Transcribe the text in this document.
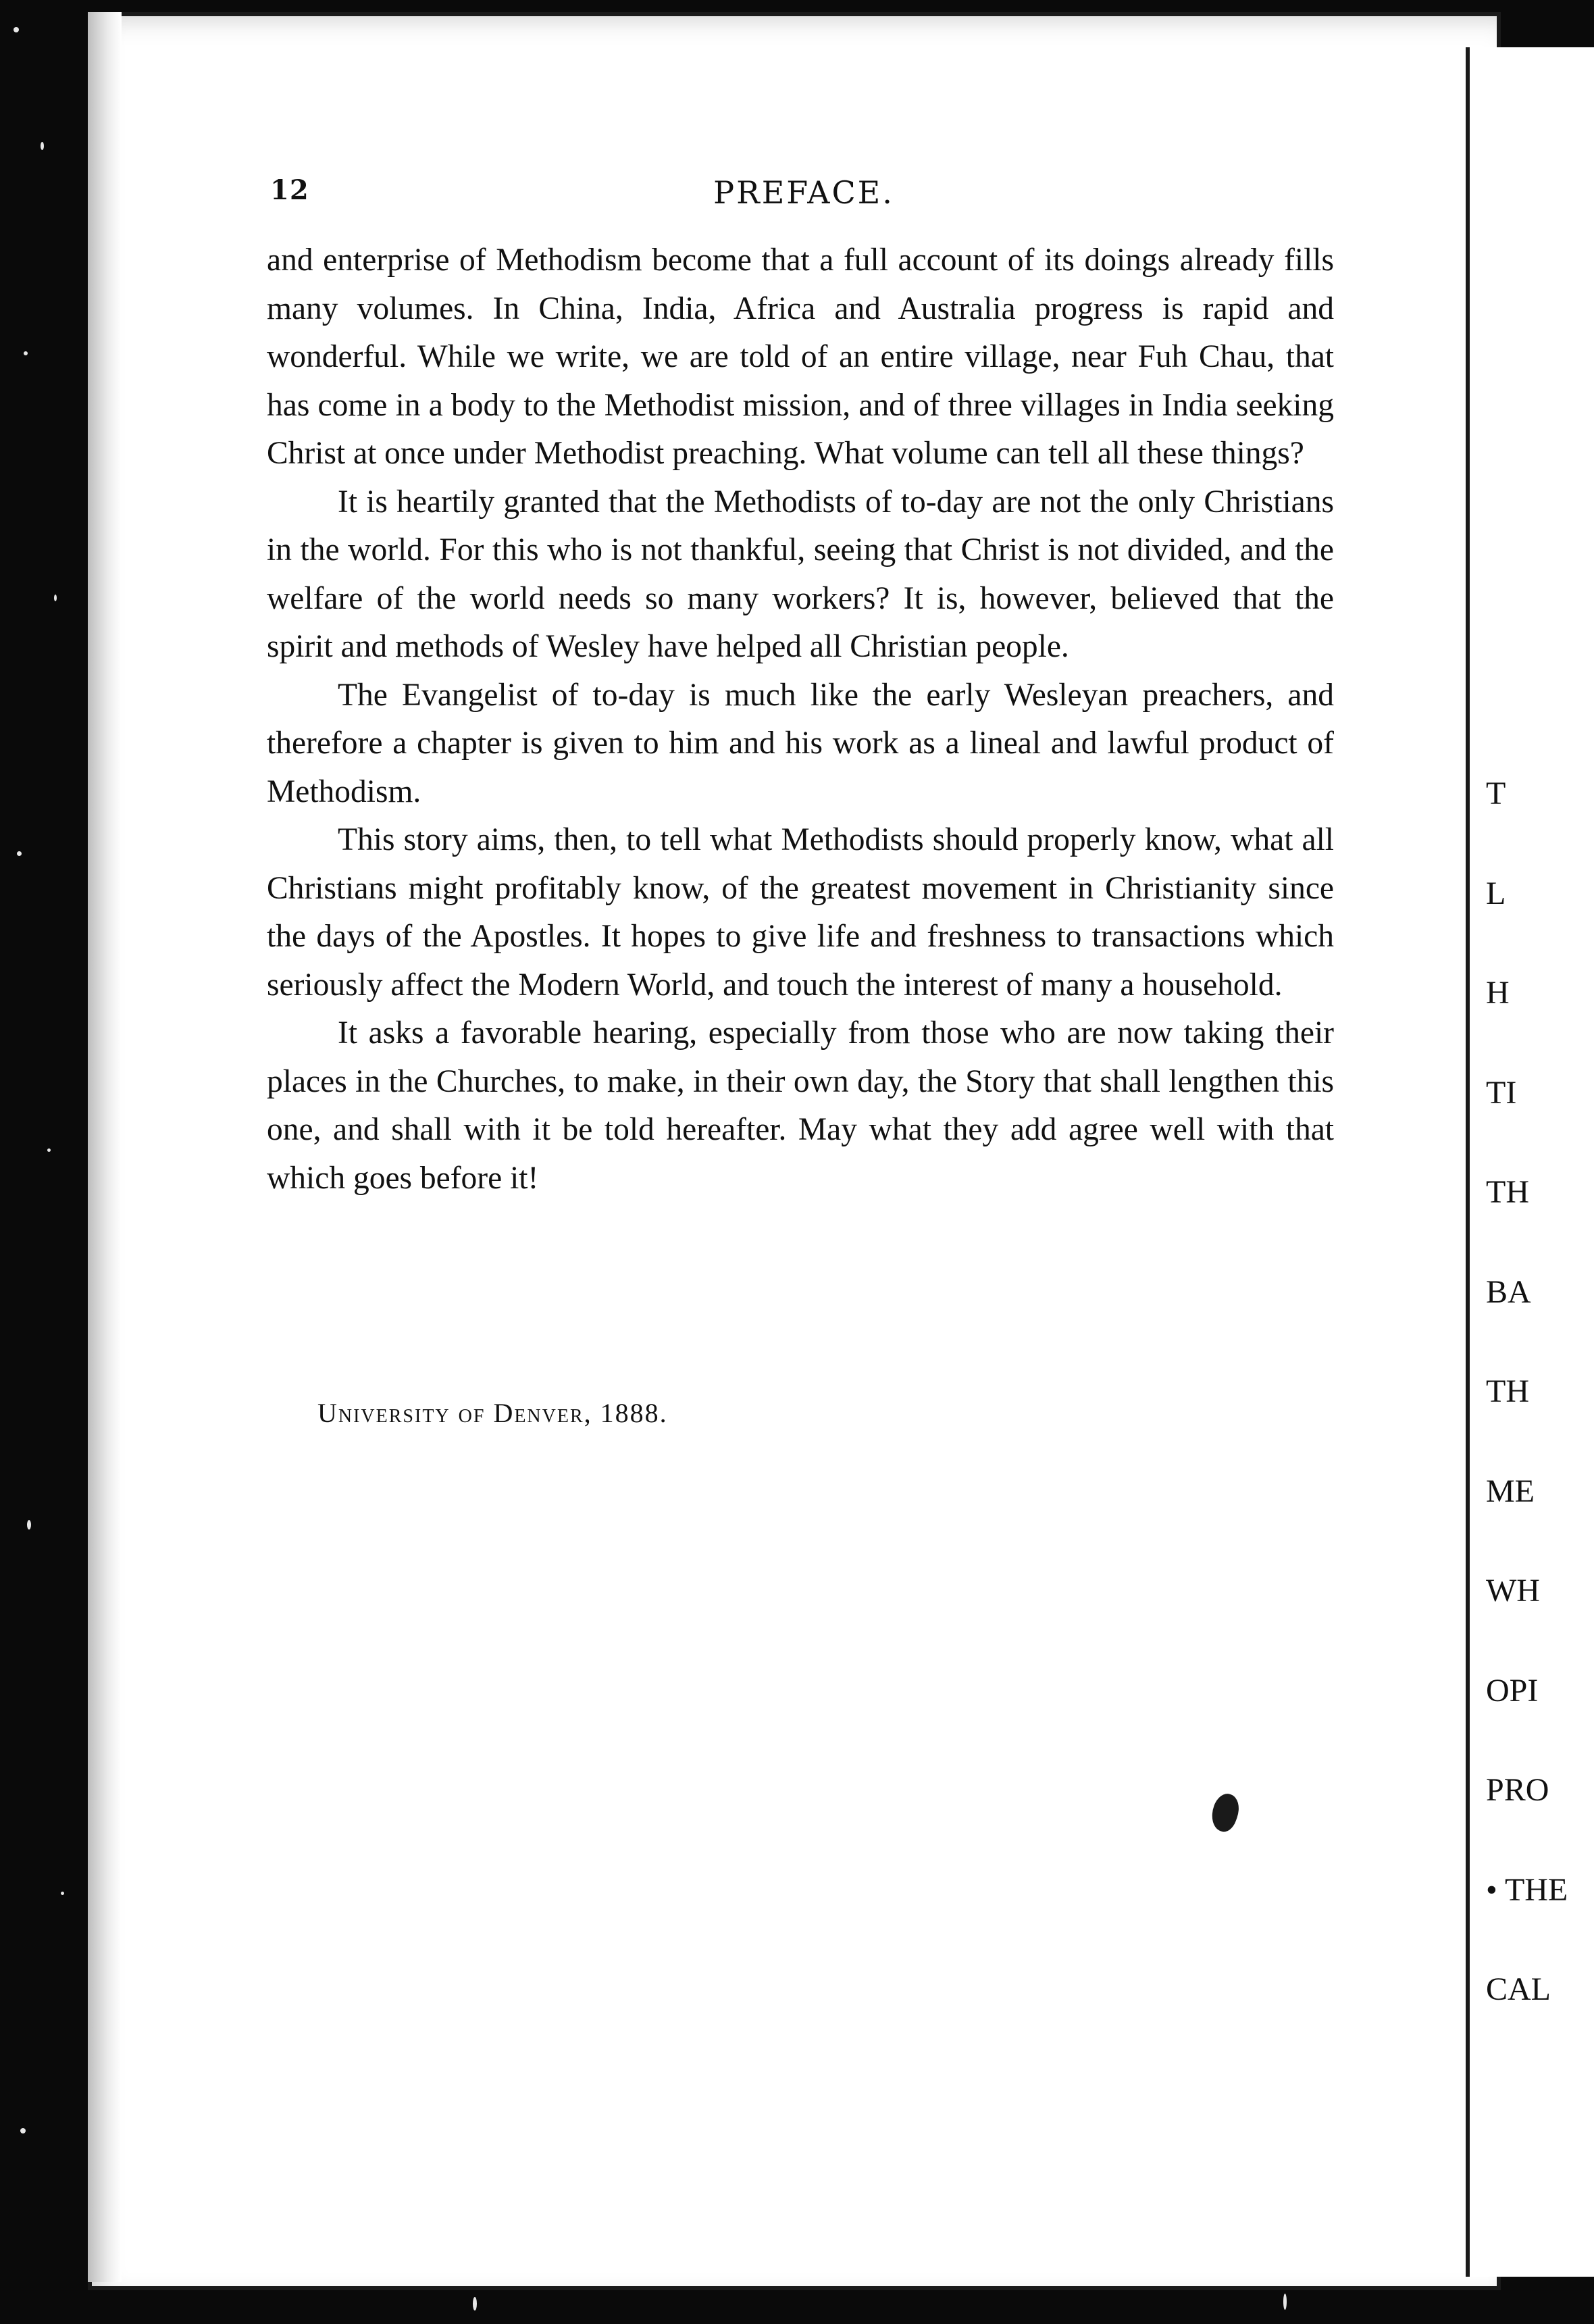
12	PREFACE.

and enterprise of Methodism become that a full account of its doings already fills many volumes. In China, India, Africa and Australia progress is rapid and wonderful. While we write, we are told of an entire village, near Fuh Chau, that has come in a body to the Methodist mission, and of three villages in India seeking Christ at once under Methodist preaching. What volume can tell all these things?

It is heartily granted that the Methodists of to-day are not the only Christians in the world. For this who is not thankful, seeing that Christ is not divided, and the welfare of the world needs so many workers? It is, however, believed that the spirit and methods of Wesley have helped all Christian people.

The Evangelist of to-day is much like the early Wesleyan preachers, and therefore a chapter is given to him and his work as a lineal and lawful product of Methodism.

This story aims, then, to tell what Methodists should properly know, what all Christians might profitably know, of the greatest movement in Christianity since the days of the Apostles. It hopes to give life and freshness to transactions which seriously affect the Modern World, and touch the interest of many a household.

It asks a favorable hearing, especially from those who are now taking their places in the Churches, to make, in their own day, the Story that shall lengthen this one, and shall with it be told hereafter. May what they add agree well with that which goes before it!

University of Denver, 1888.
T
L
H
TI
TH
BA
TH
ME
WH
OPI
PRO
• THE
CAL
